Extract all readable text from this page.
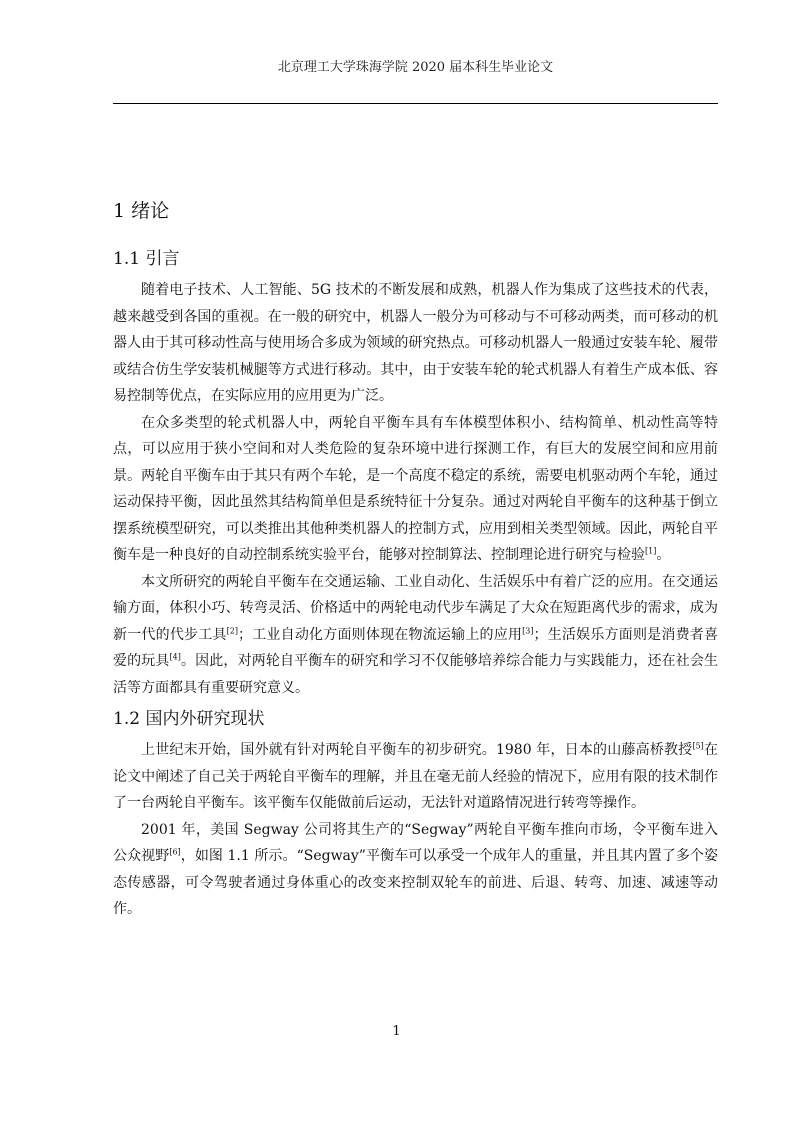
北京理工大学珠海学院 2020 届本科生毕业论文
1 绪论
1.1 引言

随着电子技术、人工智能、5G 技术的不断发展和成熟，机器人作为集成了这些技术的代表，越来越受到各国的重视。在一般的研究中，机器人一般分为可移动与不可移动两类，而可移动的机器人由于其可移动性高与使用场合多成为领域的研究热点。可移动机器人一般通过安装车轮、履带或结合仿生学安装机械腿等方式进行移动。其中，由于安装车轮的轮式机器人有着生产成本低、容易控制等优点，在实际应用的应用更为广泛。

在众多类型的轮式机器人中，两轮自平衡车具有车体模型体积小、结构简单、机动性高等特点，可以应用于狭小空间和对人类危险的复杂环境中进行探测工作，有巨大的发展空间和应用前景。两轮自平衡车由于其只有两个车轮，是一个高度不稳定的系统，需要电机驱动两个车轮，通过运动保持平衡，因此虽然其结构简单但是系统特征十分复杂。通过对两轮自平衡车的这种基于倒立摆系统模型研究，可以类推出其他种类机器人的控制方式，应用到相关类型领域。因此，两轮自平衡车是一种良好的自动控制系统实验平台，能够对控制算法、控制理论进行研究与检验[1]。

本文所研究的两轮自平衡车在交通运输、工业自动化、生活娱乐中有着广泛的应用。在交通运输方面，体积小巧、转弯灵活、价格适中的两轮电动代步车满足了大众在短距离代步的需求，成为新一代的代步工具[2]；工业自动化方面则体现在物流运输上的应用[3]；生活娱乐方面则是消费者喜爱的玩具[4]。因此，对两轮自平衡车的研究和学习不仅能够培养综合能力与实践能力，还在社会生活等方面都具有重要研究意义。

1.2 国内外研究现状

上世纪末开始，国外就有针对两轮自平衡车的初步研究。1980 年，日本的山藤高桥教授[5]在论文中阐述了自己关于两轮自平衡车的理解，并且在毫无前人经验的情况下，应用有限的技术制作了一台两轮自平衡车。该平衡车仅能做前后运动，无法针对道路情况进行转弯等操作。

2001 年，美国 Segway 公司将其生产的“Segway”两轮自平衡车推向市场，令平衡车进入公众视野[6]，如图 1.1 所示。“Segway”平衡车可以承受一个成年人的重量，并且其内置了多个姿态传感器，可令驾驶者通过身体重心的改变来控制双轮车的前进、后退、转弯、加速、减速等动作。

1
